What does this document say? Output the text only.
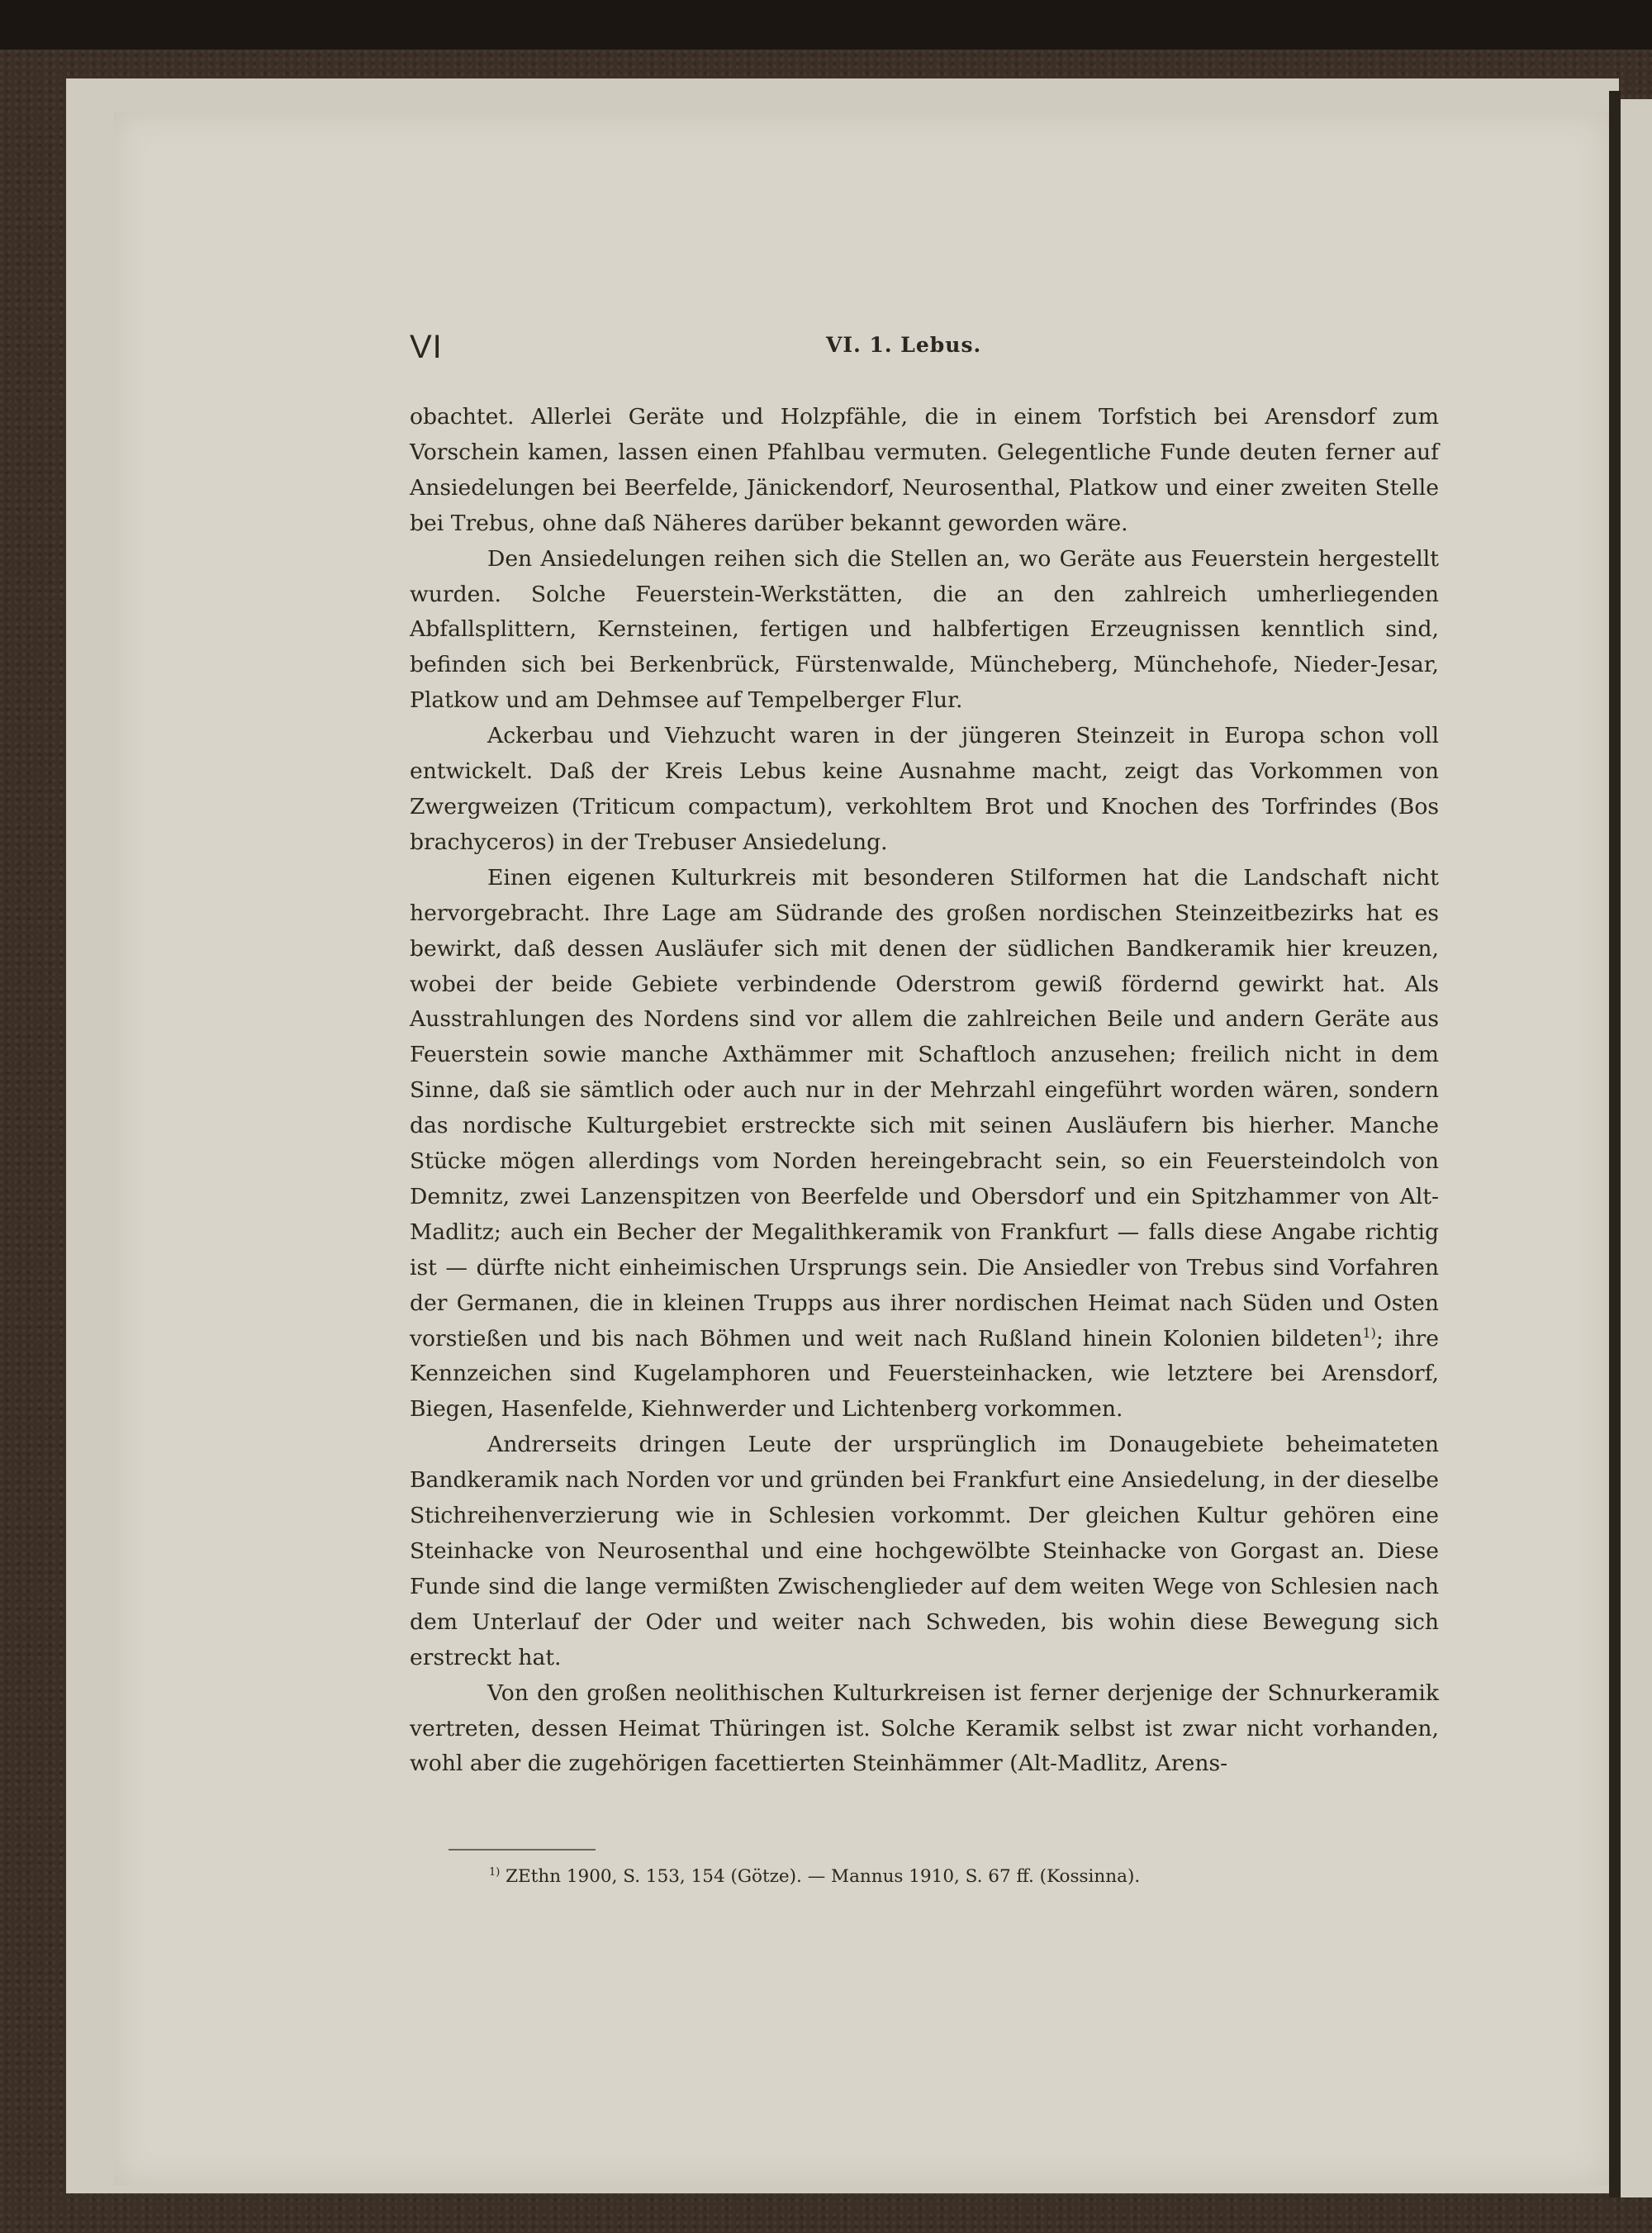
VI	VI. 1. Lebus.

obachtet. Allerlei Geräte und Holzpfähle, die in einem Torfstich bei Arensdorf zum Vorschein kamen, lassen einen Pfahlbau vermuten. Gelegentliche Funde deuten ferner auf Ansiedelungen bei Beerfelde, Jänickendorf, Neurosenthal, Platkow und einer zweiten Stelle bei Trebus, ohne daß Näheres darüber bekannt geworden wäre.

Den Ansiedelungen reihen sich die Stellen an, wo Geräte aus Feuerstein hergestellt wurden. Solche Feuerstein-Werkstätten, die an den zahlreich umherliegenden Abfallsplittern, Kernsteinen, fertigen und halbfertigen Erzeugnissen kenntlich sind, befinden sich bei Berkenbrück, Fürstenwalde, Müncheberg, Münchehofe, Nieder-Jesar, Platkow und am Dehmsee auf Tempelberger Flur.

Ackerbau und Viehzucht waren in der jüngeren Steinzeit in Europa schon voll entwickelt. Daß der Kreis Lebus keine Ausnahme macht, zeigt das Vorkommen von Zwergweizen (Triticum compactum), verkohltem Brot und Knochen des Torfrindes (Bos brachyceros) in der Trebuser Ansiedelung.

Einen eigenen Kulturkreis mit besonderen Stilformen hat die Landschaft nicht hervorgebracht. Ihre Lage am Südrande des großen nordischen Steinzeitbezirks hat es bewirkt, daß dessen Ausläufer sich mit denen der südlichen Bandkeramik hier kreuzen, wobei der beide Gebiete verbindende Oderstrom gewiß fördernd gewirkt hat. Als Ausstrahlungen des Nordens sind vor allem die zahlreichen Beile und andern Geräte aus Feuerstein sowie manche Axthämmer mit Schaftloch anzusehen; freilich nicht in dem Sinne, daß sie sämtlich oder auch nur in der Mehrzahl eingeführt worden wären, sondern das nordische Kulturgebiet erstreckte sich mit seinen Ausläufern bis hierher. Manche Stücke mögen allerdings vom Norden hereingebracht sein, so ein Feuersteindolch von Demnitz, zwei Lanzenspitzen von Beerfelde und Obersdorf und ein Spitzhammer von Alt-Madlitz; auch ein Becher der Megalithkeramik von Frankfurt — falls diese Angabe richtig ist — dürfte nicht einheimischen Ursprungs sein. Die Ansiedler von Trebus sind Vorfahren der Germanen, die in kleinen Trupps aus ihrer nordischen Heimat nach Süden und Osten vorstießen und bis nach Böhmen und weit nach Rußland hinein Kolonien bildeten$^{1)}$; ihre Kennzeichen sind Kugelamphoren und Feuersteinhacken, wie letztere bei Arensdorf, Biegen, Hasenfelde, Kiehnwerder und Lichtenberg vorkommen.

Andrerseits dringen Leute der ursprünglich im Donaugebiete beheimateten Bandkeramik nach Norden vor und gründen bei Frankfurt eine Ansiedelung, in der dieselbe Stichreihenverzierung wie in Schlesien vorkommt. Der gleichen Kultur gehören eine Steinhacke von Neurosenthal und eine hochgewölbte Steinhacke von Gorgast an. Diese Funde sind die lange vermißten Zwischenglieder auf dem weiten Wege von Schlesien nach dem Unterlauf der Oder und weiter nach Schweden, bis wohin diese Bewegung sich erstreckt hat.

Von den großen neolithischen Kulturkreisen ist ferner derjenige der Schnurkeramik vertreten, dessen Heimat Thüringen ist. Solche Keramik selbst ist zwar nicht vorhanden, wohl aber die zugehörigen facettierten Steinhämmer (Alt-Madlitz, Arens-

$^{1)}$ ZEthn 1900, S. 153, 154 (Götze). — Mannus 1910, S. 67 ff. (Kossinna).
